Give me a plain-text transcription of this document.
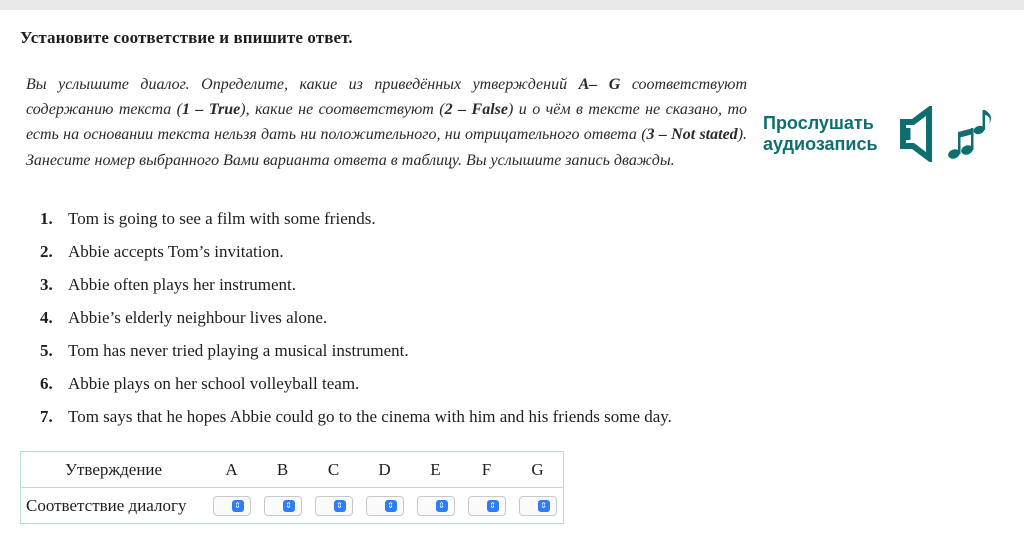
Установите соответствие и впишите ответ.
Вы услышите диалог. Определите, какие из приведённых утверждений A– G соответствуют содержанию текста (1 – True), какие не соответствуют (2 – False) и о чём в тексте не сказано, то есть на основании текста нельзя дать ни положительного, ни отрицательного ответа (3 – Not stated). Занесите номер выбранного Вами варианта ответа в таблицу. Вы услышите запись дважды.
Прослушать
аудиозапись
1. Tom is going to see a film with some friends.
2. Abbie accepts Tom’s invitation.
3. Abbie often plays her instrument.
4. Abbie’s elderly neighbour lives alone.
5. Tom has never tried playing a musical instrument.
6. Abbie plays on her school volleyball team.
7. Tom says that he hopes Abbie could go to the cinema with him and his friends some day.
Утверждение	A	B	C	D	E	F	G
Соответствие диалогу	⇕	⇕	⇕	⇕	⇕	⇕	⇕
